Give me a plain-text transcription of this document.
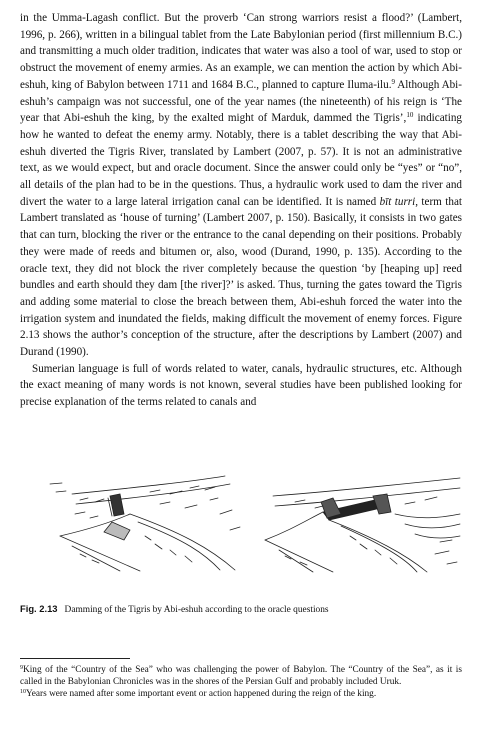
in the Umma-Lagash conflict. But the proverb ‘Can strong warriors resist a flood?’ (Lambert, 1996, p. 266), written in a bilingual tablet from the Late Babylonian period (first millennium B.C.) and transmitting a much older tradition, indicates that water was also a tool of war, used to stop or obstruct the movement of enemy armies. As an example, we can mention the action by which Abi-eshuh, king of Babylon between 1711 and 1684 B.C., planned to capture Iluma-ilu.$^9$ Although Abi-eshuh’s campaign was not successful, one of the year names (the nineteenth) of his reign is ‘The year that Abi-eshuh the king, by the exalted might of Marduk, dammed the Tigris’,$^{10}$ indicating how he wanted to defeat the enemy army. Notably, there is a tablet describing the way that Abi-eshuh diverted the Tigris River, translated by Lambert (2007, p. 57). It is not an administrative text, as we would expect, but and oracle document. Since the answer could only be “yes” or “no”, all details of the plan had to be in the questions. Thus, a hydraulic work used to dam the river and divert the water to a large lateral irrigation canal can be identified. It is named bīt turri, term that Lambert translated as ‘house of turning’ (Lambert 2007, p. 150). Basically, it consists in two gates that can turn, blocking the river or the entrance to the canal depending on their positions. Probably they were made of reeds and bitumen or, also, wood (Durand, 1990, p. 135). According to the oracle text, they did not block the river completely because the question ‘by [heaping up] reed bundles and earth should they dam [the river]?’ is asked. Thus, turning the gates toward the Tigris and adding some material to close the breach between them, Abi-eshuh forced the water into the irrigation system and inundated the fields, making difficult the movement of enemy forces. Figure 2.13 shows the author’s conception of the structure, after the descriptions by Lambert (2007) and Durand (1990).

Sumerian language is full of words related to water, canals, hydraulic structures, etc. Although the exact meaning of many words is not known, several studies have been published looking for precise explanation of the terms related to canals and

Fig. 2.13 Damming of the Tigris by Abi-eshuh according to the oracle questions

$^9$King of the “Country of the Sea” who was challenging the power of Babylon. The “Country of the Sea”, as it is called in the Babylonian Chronicles was in the shores of the Persian Gulf and probably included Uruk.

$^{10}$Years were named after some important event or action happened during the reign of the king.
